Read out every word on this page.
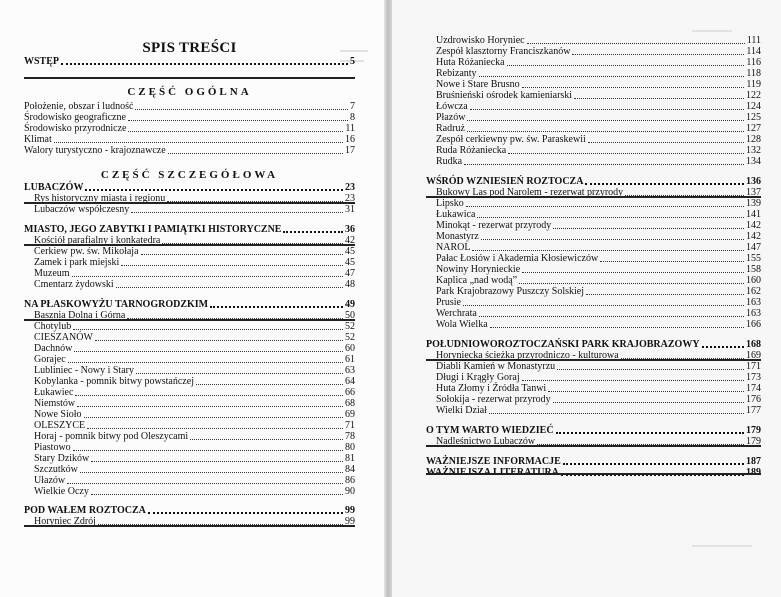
SPIS TREŚCI
CZĘŚĆ OGÓLNA
CZĘŚĆ SZCZEGÓŁOWA
WSTĘP	5
Położenie, obszar i ludność	7
Środowisko geograficzne	8
Środowisko przyrodnicze	11
Klimat	16
Walory turystyczno - krajoznawcze	17
LUBACZÓW	23
Rys historyczny miasta i regionu	23
Lubaczów współczesny	31
MIASTO, JEGO ZABYTKI I PAMIĄTKI HISTORYCZNE	36
Kościół parafialny i konkatedra	42
Cerkiew pw. św. Mikołaja	45
Zamek i park miejski	45
Muzeum	47
Cmentarz żydowski	48
NA PŁASKOWYŻU TARNOGRODZKIM	49
Basznia Dolna i Górna	50
Chotylub	52
CIESZANÓW	52
Dachnów	60
Gorajec	61
Lubliniec - Nowy i Stary	63
Kobylanka - pomnik bitwy powstańczej	64
Łukawiec	66
Niemstów	68
Nowe Sioło	69
OLESZYCE	71
Horaj - pomnik bitwy pod Oleszycami	78
Piastowo	80
Stary Dzików	81
Szczutków	84
Ułazów	86
Wielkie Oczy	90
POD WAŁEM ROZTOCZA	99
Horyniec Zdrój	99
Uzdrowisko Horyniec	111
Zespół klasztorny Franciszkanów	114
Huta Różaniecka	116
Rebizanty	118
Nowe i Stare Brusno	119
Bruśnieński ośrodek kamieniarski	122
Łówcza	124
Płazów	125
Radruż	127
Zespół cerkiewny pw. św. Paraskewii	128
Ruda Różaniecka	132
Rudka	134
WŚRÓD WZNIESIEŃ ROZTOCZA	136
Bukowy Las pod Narolem - rezerwat przyrody	137
Lipsko	139
Łukawica	141
Minokąt - rezerwat przyrody	142
Monastyrz	142
NAROL	147
Pałac Łosiów i Akademia Kłosiewiczów	155
Nowiny Horynieckie	158
Kaplica „nad wodą”	160
Park Krajobrazowy Puszczy Solskiej	162
Prusie	163
Werchrata	163
Wola Wielka	166
POŁUDNIOWOROZTOCZAŃSKI PARK KRAJOBRAZOWY	168
Horyniecka ścieżka przyrodniczo - kulturowa	169
Diabli Kamień w Monastyrzu	171
Długi i Krągły Goraj	173
Huta Złomy i Źródła Tanwi	174
Sołokija - rezerwat przyrody	176
Wielki Dział	177
O TYM WARTO WIEDZIEĆ	179
Nadleśnictwo Lubaczów	179
WAŻNIEJSZE INFORMACJE	187
WAŻNIEJSZA LITERATURA	189
